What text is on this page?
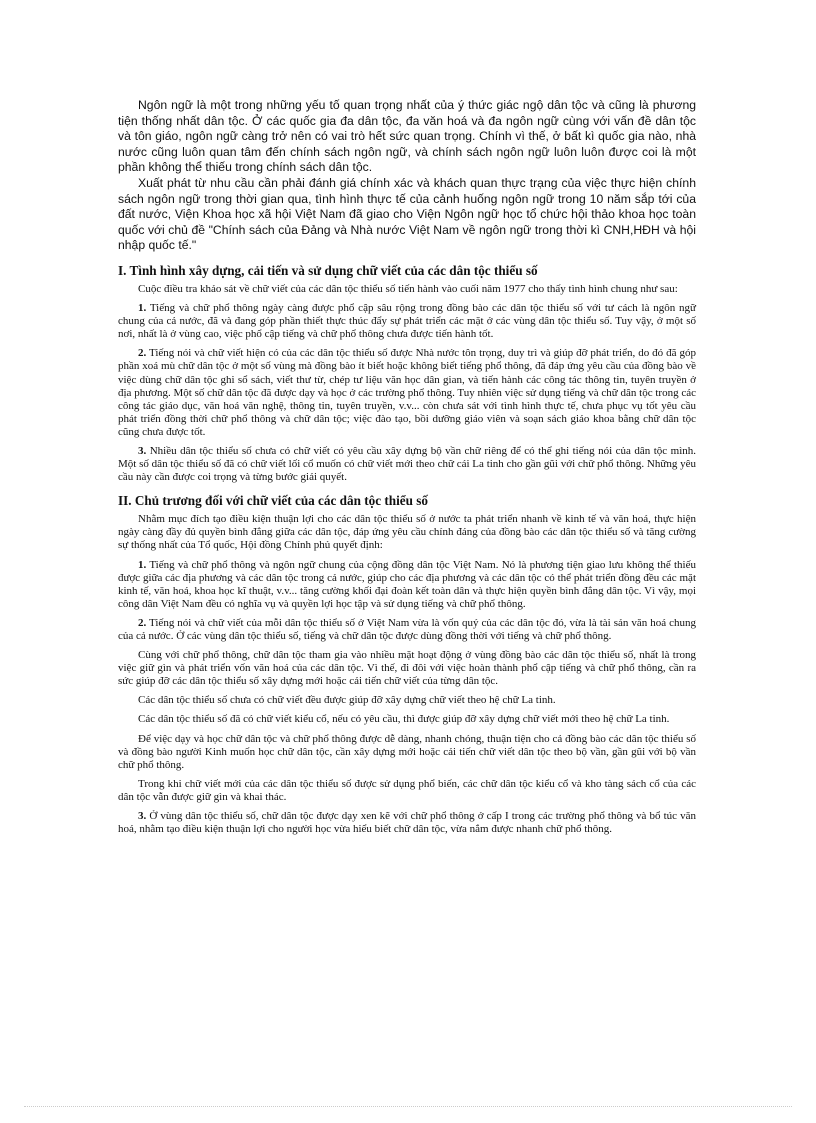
Ngôn ngữ là một trong những yếu tố quan trọng nhất của ý thức giác ngộ dân tộc và cũng là phương tiện thống nhất dân tộc. Ở các quốc gia đa dân tộc, đa văn hoá và đa ngôn ngữ cùng với vấn đề dân tộc và tôn giáo, ngôn ngữ càng trở nên có vai trò hết sức quan trọng. Chính vì thế, ở bất kì quốc gia nào, nhà nước cũng luôn quan tâm đến chính sách ngôn ngữ, và chính sách ngôn ngữ luôn luôn được coi là một phần không thể thiếu trong chính sách dân tộc.

Xuất phát từ nhu cầu cần phải đánh giá chính xác và khách quan thực trạng của việc thực hiện chính sách ngôn ngữ trong thời gian qua, tình hình thực tế của cảnh huống ngôn ngữ trong 10 năm sắp tới của đất nước, Viện Khoa học xã hội Việt Nam đã giao cho Viện Ngôn ngữ học tổ chức hội thảo khoa học toàn quốc với chủ đề "Chính sách của Đảng và Nhà nước Việt Nam về ngôn ngữ trong thời kì CNH,HĐH và hội nhập quốc tế."

I. Tình hình xây dựng, cải tiến và sử dụng chữ viết của các dân tộc thiểu số

Cuộc điều tra khảo sát về chữ viết của các dân tộc thiểu số tiến hành vào cuối năm 1977 cho thấy tình hình chung như sau:

1. Tiếng và chữ phổ thông ngày càng được phổ cập sâu rộng trong đồng bào các dân tộc thiểu số với tư cách là ngôn ngữ chung của cả nước, đã và đang góp phần thiết thực thúc đẩy sự phát triển các mặt ở các vùng dân tộc thiểu số. Tuy vậy, ở một số nơi, nhất là ở vùng cao, việc phổ cập tiếng và chữ phổ thông chưa được tiến hành tốt.

2. Tiếng nói và chữ viết hiện có của các dân tộc thiểu số được Nhà nước tôn trọng, duy trì và giúp đỡ phát triển, do đó đã góp phần xoá mù chữ dân tộc ở một số vùng mà đồng bào ít biết hoặc không biết tiếng phổ thông, đã đáp ứng yêu cầu của đồng bào về việc dùng chữ dân tộc ghi sổ sách, viết thư từ, chép tư liệu văn học dân gian, và tiến hành các công tác thông tin, tuyên truyền ở địa phương. Một số chữ dân tộc đã được dạy và học ở các trường phổ thông. Tuy nhiên việc sử dụng tiếng và chữ dân tộc trong các công tác giáo dục, văn hoá văn nghệ, thông tin, tuyên truyền, v.v... còn chưa sát với tình hình thực tế, chưa phục vụ tốt yêu cầu phát triển đồng thời chữ phổ thông và chữ dân tộc; việc đào tạo, bồi dưỡng giáo viên và soạn sách giáo khoa bằng chữ dân tộc cũng chưa được tốt.

3. Nhiều dân tộc thiểu số chưa có chữ viết có yêu cầu xây dựng bộ vần chữ riêng để có thể ghi tiếng nói của dân tộc mình. Một số dân tộc thiểu số đã có chữ viết lối cổ muốn có chữ viết mới theo chữ cái La tinh cho gần gũi với chữ phổ thông. Những yêu cầu này cần được coi trọng và từng bước giải quyết.

II. Chủ trương đối với chữ viết của các dân tộc thiểu số

Nhằm mục đích tạo điều kiện thuận lợi cho các dân tộc thiểu số ở nước ta phát triển nhanh về kinh tế và văn hoá, thực hiện ngày càng đầy đủ quyền bình đẳng giữa các dân tộc, đáp ứng yêu cầu chính đáng của đồng bào các dân tộc thiểu số và tăng cường sự thống nhất của Tổ quốc, Hội đồng Chính phủ quyết định:

1. Tiếng và chữ phổ thông và ngôn ngữ chung của cộng đồng dân tộc Việt Nam. Nó là phương tiện giao lưu không thể thiếu được giữa các địa phương và các dân tộc trong cả nước, giúp cho các địa phương và các dân tộc có thể phát triển đồng đều các mặt kinh tế, văn hoá, khoa học kĩ thuật, v.v... tăng cường khối đại đoàn kết toàn dân và thực hiện quyền bình đẳng dân tộc. Vì vậy, mọi công dân Việt Nam đều có nghĩa vụ và quyền lợi học tập và sử dụng tiếng và chữ phổ thông.

2. Tiếng nói và chữ viết của mỗi dân tộc thiểu số ở Việt Nam vừa là vốn quý của các dân tộc đó, vừa là tài sản văn hoá chung của cả nước. Ở các vùng dân tộc thiểu số, tiếng và chữ dân tộc được dùng đồng thời với tiếng và chữ phổ thông.

Cùng với chữ phổ thông, chữ dân tộc tham gia vào nhiều mặt hoạt động ở vùng đồng bào các dân tộc thiểu số, nhất là trong việc giữ gìn và phát triển vốn văn hoá của các dân tộc. Vì thế, đi đôi với việc hoàn thành phổ cập tiếng và chữ phổ thông, cần ra sức giúp đỡ các dân tộc thiểu số xây dựng mới hoặc cải tiến chữ viết của từng dân tộc.

Các dân tộc thiểu số chưa có chữ viết đều được giúp đỡ xây dựng chữ viết theo hệ chữ La tinh.

Các dân tộc thiểu số đã có chữ viết kiểu cổ, nếu có yêu cầu, thì được giúp đỡ xây dựng chữ viết mới theo hệ chữ La tinh.

Để việc dạy và học chữ dân tộc và chữ phổ thông được dễ dàng, nhanh chóng, thuận tiện cho cả đồng bào các dân tộc thiểu số và đồng bào người Kinh muốn học chữ dân tộc, cần xây dựng mới hoặc cải tiến chữ viết dân tộc theo bộ vần, gần gũi với bộ vần chữ phổ thông.

Trong khi chữ viết mới của các dân tộc thiểu số được sử dụng phổ biến, các chữ dân tộc kiểu cổ và kho tàng sách cổ của các dân tộc vẫn được giữ gìn và khai thác.

3. Ở vùng dân tộc thiểu số, chữ dân tộc được dạy xen kẽ với chữ phổ thông ở cấp I trong các trường phổ thông và bổ túc văn hoá, nhằm tạo điều kiện thuận lợi cho người học vừa hiểu biết chữ dân tộc, vừa nắm được nhanh chữ phổ thông.
